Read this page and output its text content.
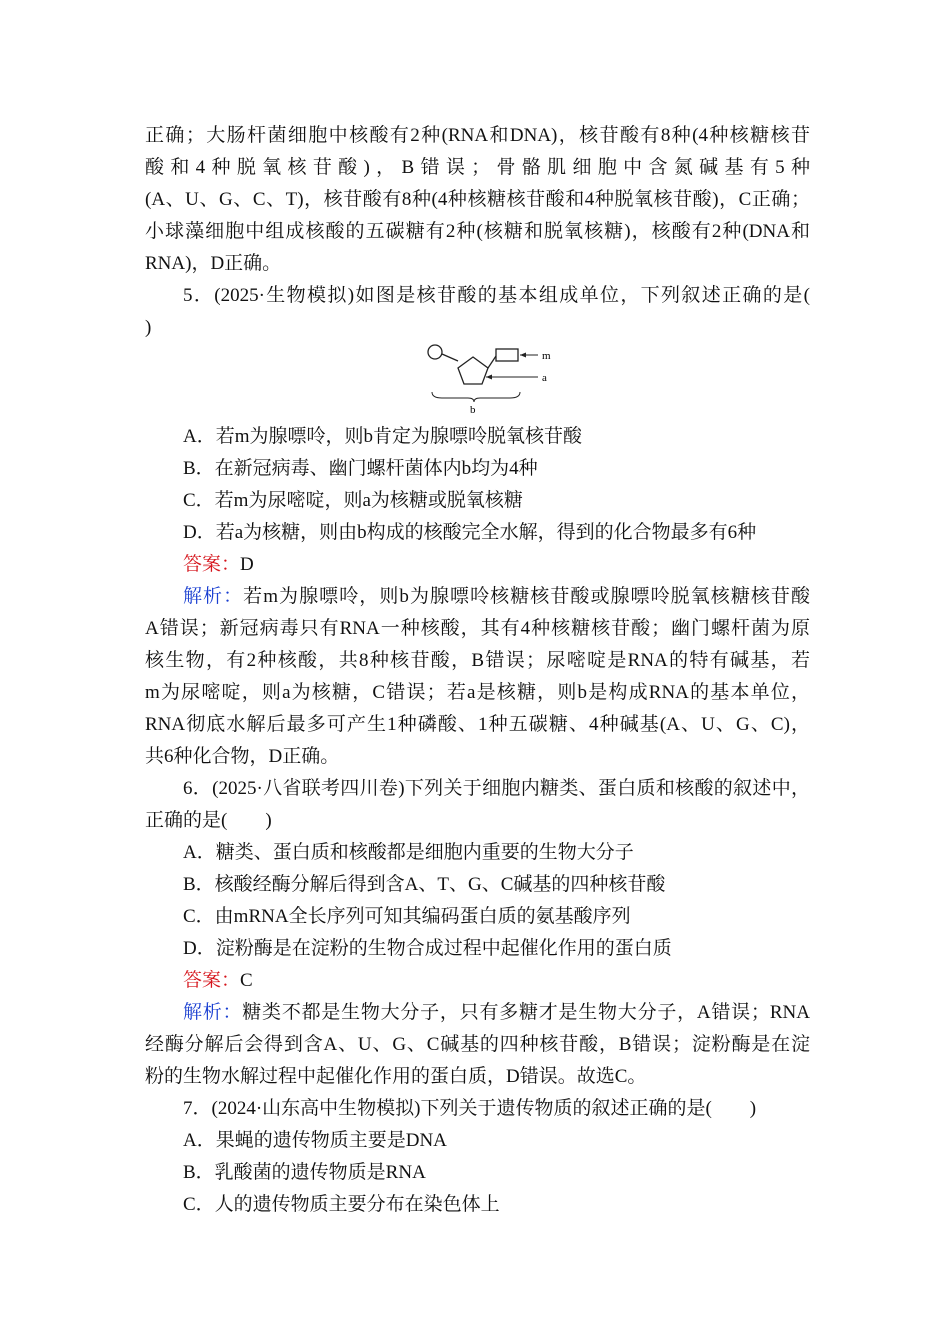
正确；大肠杆菌细胞中核酸有2种(RNA和DNA)，核苷酸有8种(4种核糖核苷
酸和4种脱氧核苷酸)，B错误；骨骼肌细胞中含氮碱基有5种
(A、U、G、C、T)，核苷酸有8种(4种核糖核苷酸和4种脱氧核苷酸)，C正确；
小球藻细胞中组成核酸的五碳糖有2种(核糖和脱氧核糖)，核酸有2种(DNA和
RNA)，D正确。
5．(2025·生物模拟)如图是核苷酸的基本组成单位，下列叙述正确的是(
)
m
a
b
A．若m为腺嘌呤，则b肯定为腺嘌呤脱氧核苷酸
B．在新冠病毒、幽门螺杆菌体内b均为4种
C．若m为尿嘧啶，则a为核糖或脱氧核糖
D．若a为核糖，则由b构成的核酸完全水解，得到的化合物最多有6种
答案：D
解析：若m为腺嘌呤，则b为腺嘌呤核糖核苷酸或腺嘌呤脱氧核糖核苷酸
A错误；新冠病毒只有RNA一种核酸，其有4种核糖核苷酸；幽门螺杆菌为原
核生物，有2种核酸，共8种核苷酸，B错误；尿嘧啶是RNA的特有碱基，若
m为尿嘧啶，则a为核糖，C错误；若a是核糖，则b是构成RNA的基本单位，
RNA彻底水解后最多可产生1种磷酸、1种五碳糖、4种碱基(A、U、G、C)，
共6种化合物，D正确。
6．(2025·八省联考四川卷)下列关于细胞内糖类、蛋白质和核酸的叙述中，
正确的是(　　)
A．糖类、蛋白质和核酸都是细胞内重要的生物大分子
B．核酸经酶分解后得到含A、T、G、C碱基的四种核苷酸
C．由mRNA全长序列可知其编码蛋白质的氨基酸序列
D．淀粉酶是在淀粉的生物合成过程中起催化作用的蛋白质
答案：C
解析：糖类不都是生物大分子，只有多糖才是生物大分子，A错误；RNA
经酶分解后会得到含A、U、G、C碱基的四种核苷酸，B错误；淀粉酶是在淀
粉的生物水解过程中起催化作用的蛋白质，D错误。故选C。
7．(2024·山东高中生物模拟)下列关于遗传物质的叙述正确的是(　　)
A．果蝇的遗传物质主要是DNA
B．乳酸菌的遗传物质是RNA
C．人的遗传物质主要分布在染色体上
